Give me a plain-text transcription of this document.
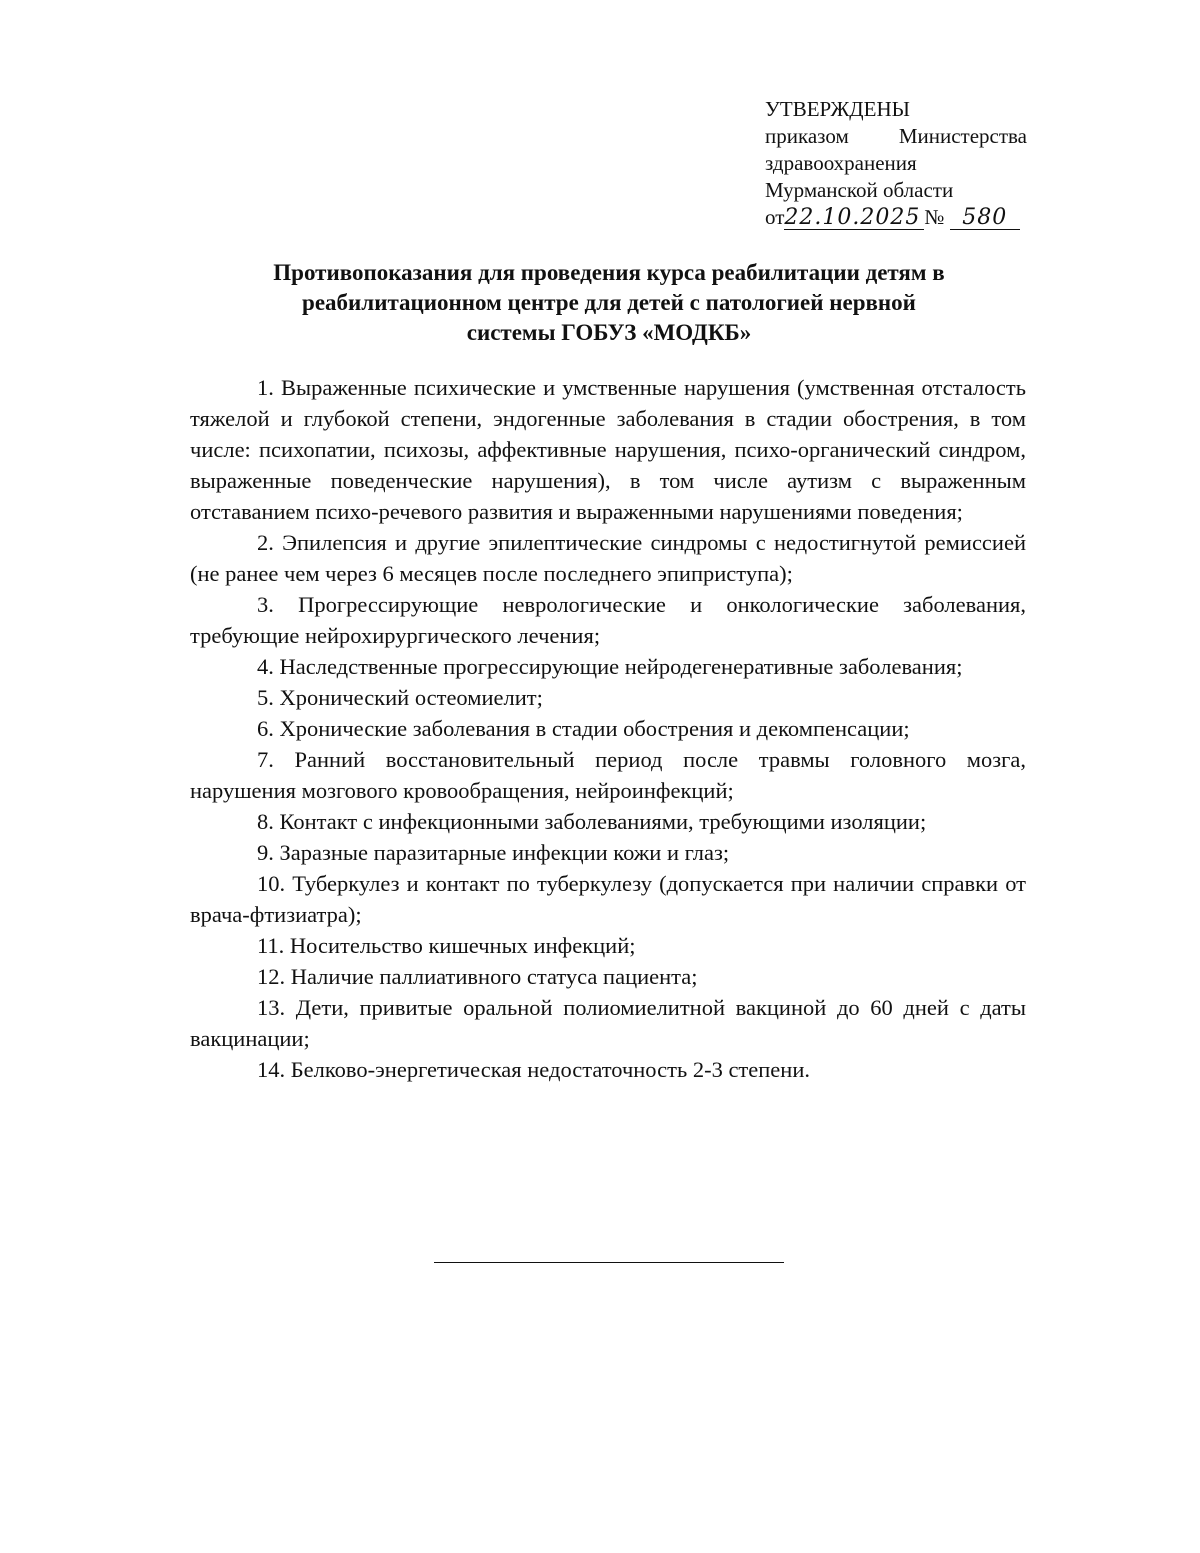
УТВЕРЖДЕНЫ
приказом Министерства
здравоохранения
Мурманской области
от22.10.2025 № 580
Противопоказания для проведения курса реабилитации детям в
реабилитационном центре для детей с патологией нервной
системы ГОБУЗ «МОДКБ»

1. Выраженные психические и умственные нарушения (умственная отсталость тяжелой и глубокой степени, эндогенные заболевания в стадии обострения, в том числе: психопатии, психозы, аффективные нарушения, психо-органический синдром, выраженные поведенческие нарушения), в том числе аутизм с выраженным отставанием психо-речевого развития и выраженными нарушениями поведения;

2. Эпилепсия и другие эпилептические синдромы с недостигнутой ремиссией (не ранее чем через 6 месяцев после последнего эпиприступа);

3. Прогрессирующие неврологические и онкологические заболевания, требующие нейрохирургического лечения;

4. Наследственные прогрессирующие нейродегенеративные заболевания;

5. Хронический остеомиелит;

6. Хронические заболевания в стадии обострения и декомпенсации;

7. Ранний восстановительный период после травмы головного мозга, нарушения мозгового кровообращения, нейроинфекций;

8. Контакт с инфекционными заболеваниями, требующими изоляции;

9. Заразные паразитарные инфекции кожи и глаз;

10. Туберкулез и контакт по туберкулезу (допускается при наличии справки от врача-фтизиатра);

11. Носительство кишечных инфекций;

12. Наличие паллиативного статуса пациента;

13. Дети, привитые оральной полиомиелитной вакциной до 60 дней с даты вакцинации;

14. Белково-энергетическая недостаточность 2-3 степени.
